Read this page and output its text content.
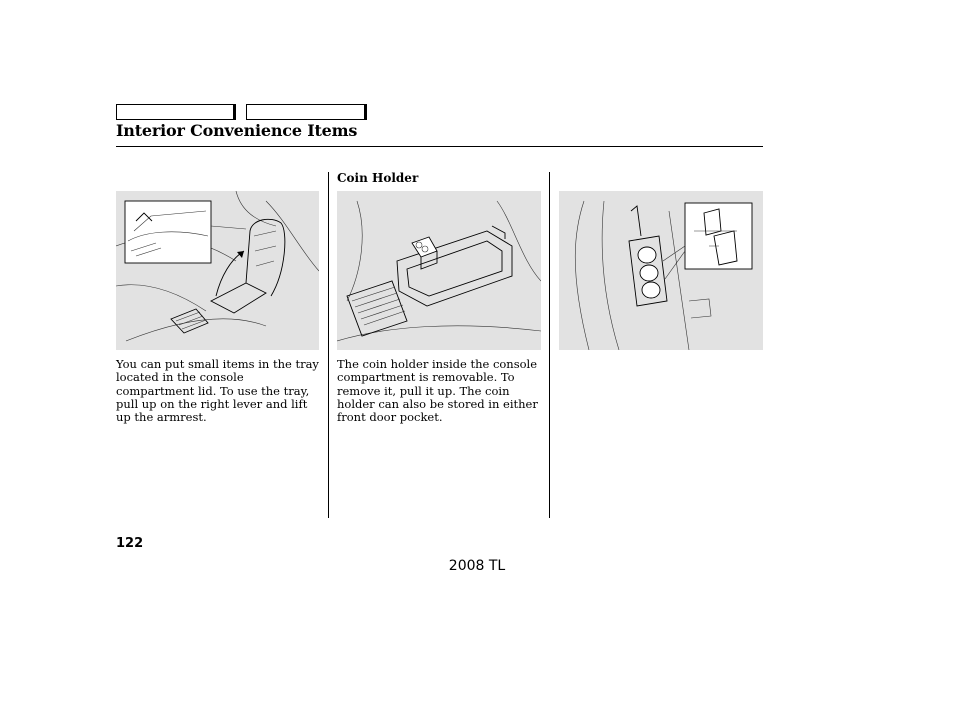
Interior Convenience Items
Coin Holder
You can put small items in the tray located in the console compartment lid. To use the tray, pull up on the right lever and lift up the armrest.
The coin holder inside the console compartment is removable. To remove it, pull it up. The coin holder can also be stored in either front door pocket.
122
2008 TL
